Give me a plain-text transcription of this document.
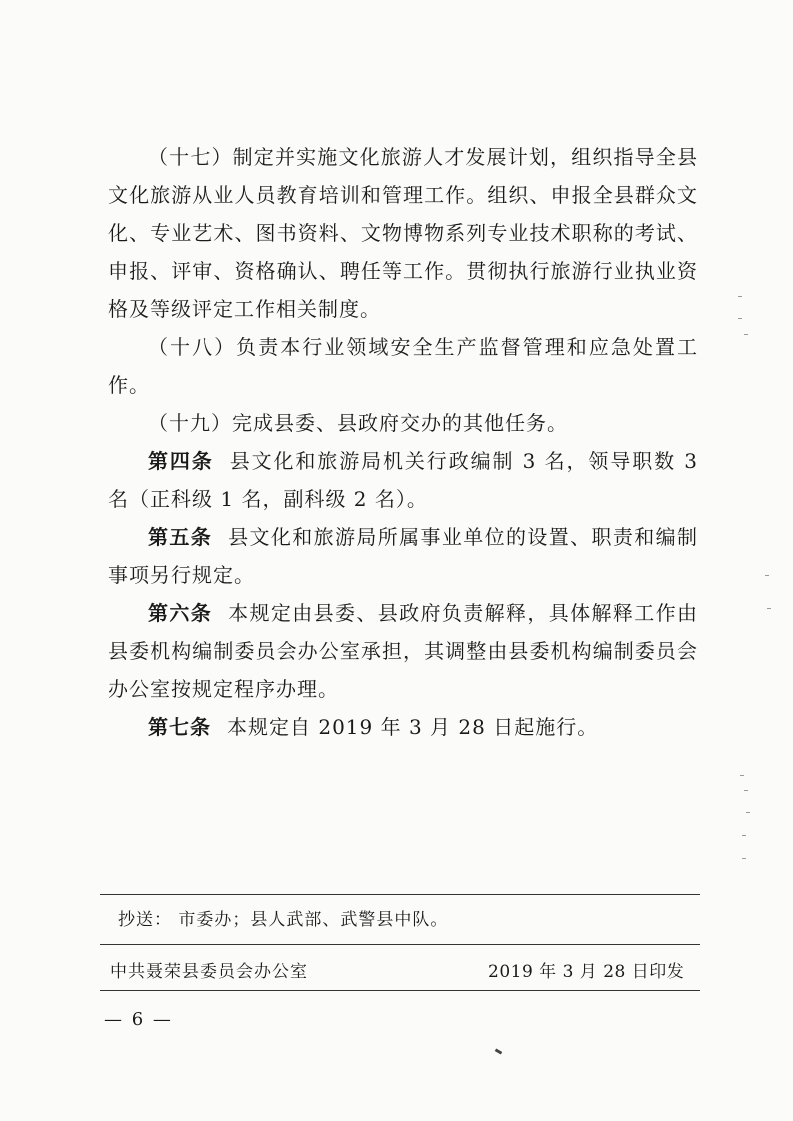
（十七）制定并实施文化旅游人才发展计划，组织指导全县文化旅游从业人员教育培训和管理工作。组织、申报全县群众文化、专业艺术、图书资料、文物博物系列专业技术职称的考试、申报、评审、资格确认、聘任等工作。贯彻执行旅游行业执业资格及等级评定工作相关制度。

（十八）负责本行业领域安全生产监督管理和应急处置工作。

（十九）完成县委、县政府交办的其他任务。

第四条 县文化和旅游局机关行政编制 3 名，领导职数 3 名（正科级 1 名，副科级 2 名）。

第五条 县文化和旅游局所属事业单位的设置、职责和编制事项另行规定。

第六条 本规定由县委、县政府负责解释，具体解释工作由县委机构编制委员会办公室承担，其调整由县委机构编制委员会办公室按规定程序办理。

第七条 本规定自 2019 年 3 月 28 日起施行。

抄送： 市委办；县人武部、武警县中队。
中共聂荣县委员会办公室	2019 年 3 月 28 日印发
— 6 —
